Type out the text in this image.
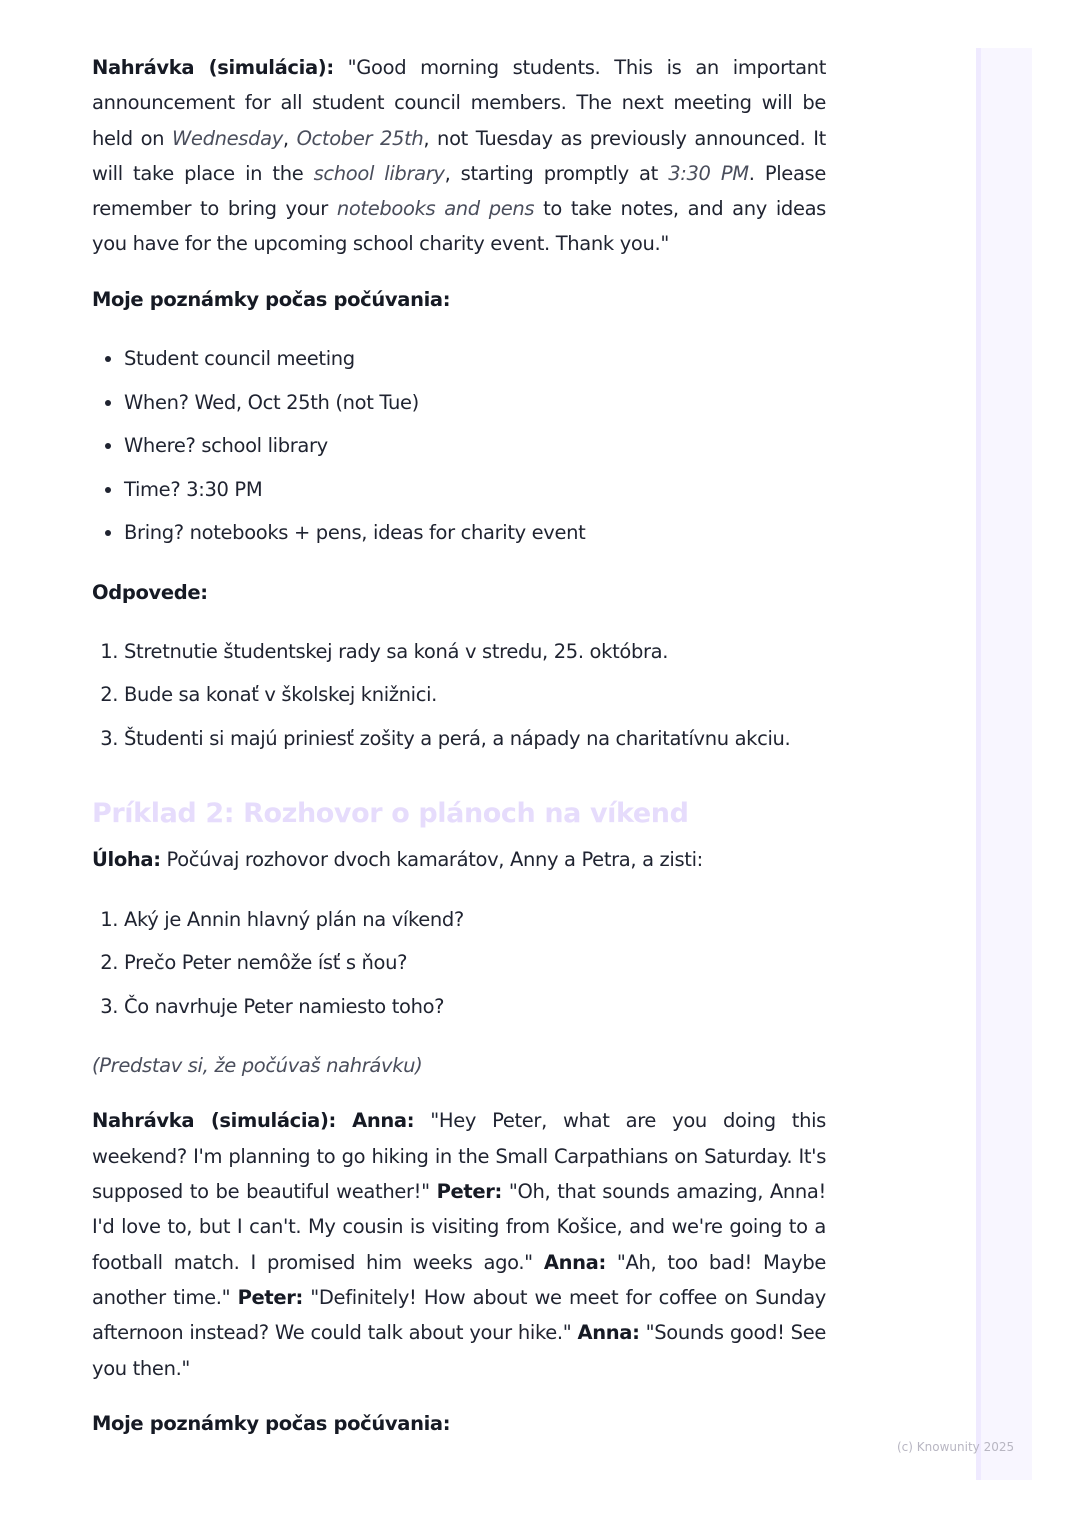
Nahrávka (simulácia): "Good morning students. This is an important announcement for all student council members. The next meeting will be held on Wednesday, October 25th, not Tuesday as previously announced. It will take place in the school library, starting promptly at 3:30 PM. Please remember to bring your notebooks and pens to take notes, and any ideas you have for the upcoming school charity event. Thank you."

Moje poznámky počas počúvania:

• Student council meeting
• When? Wed, Oct 25th (not Tue)
• Where? school library
• Time? 3:30 PM
• Bring? notebooks + pens, ideas for charity event

Odpovede:

1. Stretnutie študentskej rady sa koná v stredu, 25. októbra.
2. Bude sa konať v školskej knižnici.
3. Študenti si majú priniesť zošity a perá, a nápady na charitatívnu akciu.

Príklad 2: Rozhovor o plánoch na víkend

Úloha: Počúvaj rozhovor dvoch kamarátov, Anny a Petra, a zisti:

1. Aký je Annin hlavný plán na víkend?
2. Prečo Peter nemôže ísť s ňou?
3. Čo navrhuje Peter namiesto toho?

(Predstav si, že počúvaš nahrávku)

Nahrávka (simulácia): Anna: "Hey Peter, what are you doing this weekend? I'm planning to go hiking in the Small Carpathians on Saturday. It's supposed to be beautiful weather!" Peter: "Oh, that sounds amazing, Anna! I'd love to, but I can't. My cousin is visiting from Košice, and we're going to a football match. I promised him weeks ago." Anna: "Ah, too bad! Maybe another time." Peter: "Definitely! How about we meet for coffee on Sunday afternoon instead? We could talk about your hike." Anna: "Sounds good! See you then."

Moje poznámky počas počúvania:

(c) Knowunity 2025
